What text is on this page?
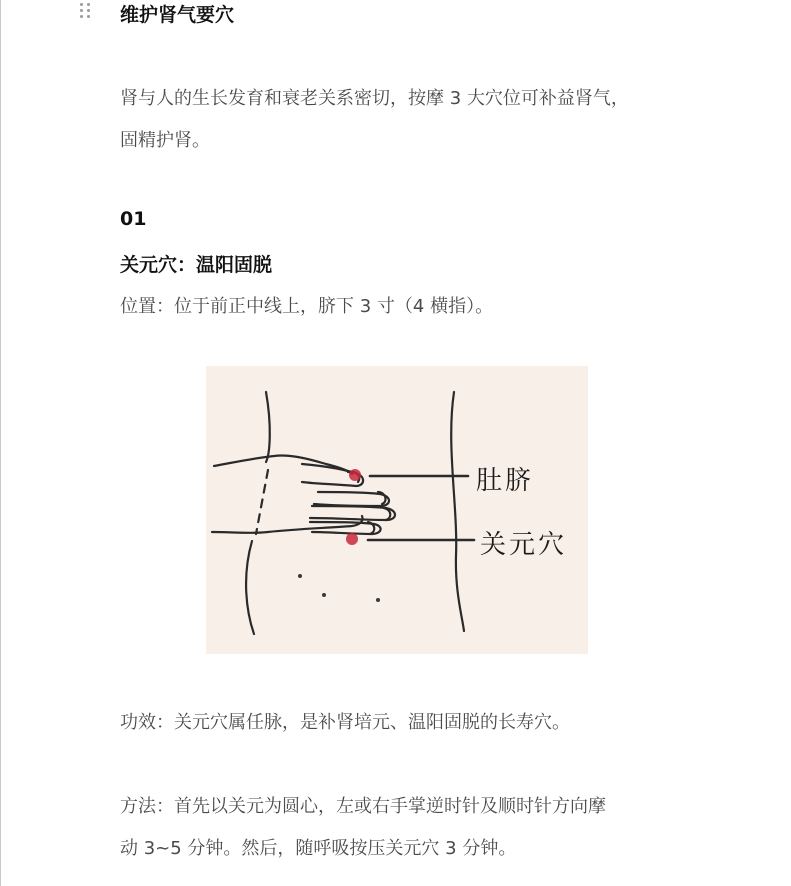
维护肾气要穴
肾与人的生长发育和衰老关系密切，按摩 3 大穴位可补益肾气，
固精护肾。
01
关元穴：温阳固脱
位置：位于前正中线上，脐下 3 寸（4 横指）。
肚脐
关元穴
功效：关元穴属任脉，是补肾培元、温阳固脱的长寿穴。
方法：首先以关元为圆心，左或右手掌逆时针及顺时针方向摩
动 3~5 分钟。然后，随呼吸按压关元穴 3 分钟。
